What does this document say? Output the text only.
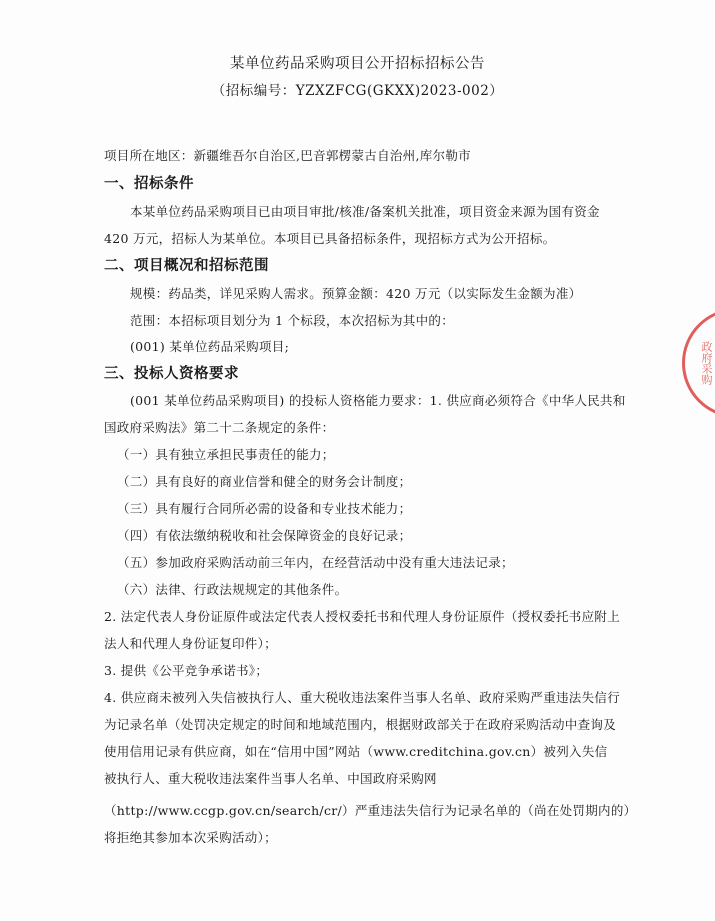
某单位药品采购项目公开招标招标公告
（招标编号：YZXZFCG(GKXX)2023-002）
项目所在地区：新疆维吾尔自治区,巴音郭楞蒙古自治州,库尔勒市
一、招标条件
本某单位药品采购项目已由项目审批/核准/备案机关批准，项目资金来源为国有资金
420 万元，招标人为某单位。本项目已具备招标条件，现招标方式为公开招标。
二、项目概况和招标范围
规模：药品类，详见采购人需求。预算金额：420 万元（以实际发生金额为准）
范围：本招标项目划分为 1 个标段，本次招标为其中的：
(001) 某单位药品采购项目;
三、投标人资格要求
(001 某单位药品采购项目) 的投标人资格能力要求：1. 供应商必须符合《中华人民共和
国政府采购法》第二十二条规定的条件：
（一）具有独立承担民事责任的能力；
（二）具有良好的商业信誉和健全的财务会计制度；
（三）具有履行合同所必需的设备和专业技术能力；
（四）有依法缴纳税收和社会保障资金的良好记录；
（五）参加政府采购活动前三年内，在经营活动中没有重大违法记录；
（六）法律、行政法规规定的其他条件。
2. 法定代表人身份证原件或法定代表人授权委托书和代理人身份证原件（授权委托书应附上
法人和代理人身份证复印件）；
3. 提供《公平竞争承诺书》；
4. 供应商未被列入失信被执行人、重大税收违法案件当事人名单、政府采购严重违法失信行
为记录名单（处罚决定规定的时间和地域范围内，根据财政部关于在政府采购活动中查询及
使用信用记录有供应商，如在“信用中国”网站（www.creditchina.gov.cn）被列入失信
被执行人、重大税收违法案件当事人名单、中国政府采购网
（http://www.ccgp.gov.cn/search/cr/）严重违法失信行为记录名单的（尚在处罚期内的）
将拒绝其参加本次采购活动）；
政府采购
